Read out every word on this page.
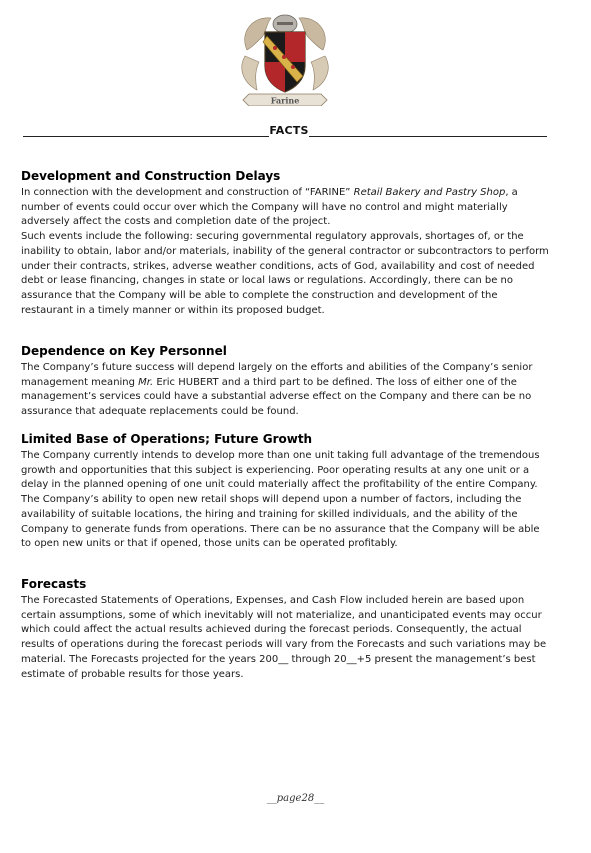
Farine
FACTS
Development and Construction Delays

In connection with the development and construction of “FARINE” Retail Bakery and Pastry Shop, a number of events could occur over which the Company will have no control and might materially adversely affect the costs and completion date of the project.

Such events include the following: securing governmental regulatory approvals, shortages of, or the inability to obtain, labor and/or materials, inability of the general contractor or subcontractors to perform under their contracts, strikes, adverse weather conditions, acts of God, availability and cost of needed debt or lease financing, changes in state or local laws or regulations. Accordingly, there can be no assurance that the Company will be able to complete the construction and development of the restaurant in a timely manner or within its proposed budget.

Dependence on Key Personnel

The Company’s future success will depend largely on the efforts and abilities of the Company’s senior management meaning Mr. Eric HUBERT and a third part to be defined. The loss of either one of the management’s services could have a substantial adverse effect on the Company and there can be no assurance that adequate replacements could be found.

Limited Base of Operations; Future Growth

The Company currently intends to develop more than one unit taking full advantage of the tremendous growth and opportunities that this subject is experiencing. Poor operating results at any one unit or a delay in the planned opening of one unit could materially affect the profitability of the entire Company. The Company’s ability to open new retail shops will depend upon a number of factors, including the availability of suitable locations, the hiring and training for skilled individuals, and the ability of the Company to generate funds from operations. There can be no assurance that the Company will be able to open new units or that if opened, those units can be operated profitably.

Forecasts

The Forecasted Statements of Operations, Expenses, and Cash Flow included herein are based upon certain assumptions, some of which inevitably will not materialize, and unanticipated events may occur which could affect the actual results achieved during the forecast periods. Consequently, the actual results of operations during the forecast periods will vary from the Forecasts and such variations may be material. The Forecasts projected for the years 200__ through 20__+5 present the management’s best estimate of probable results for those years.

__page28__
